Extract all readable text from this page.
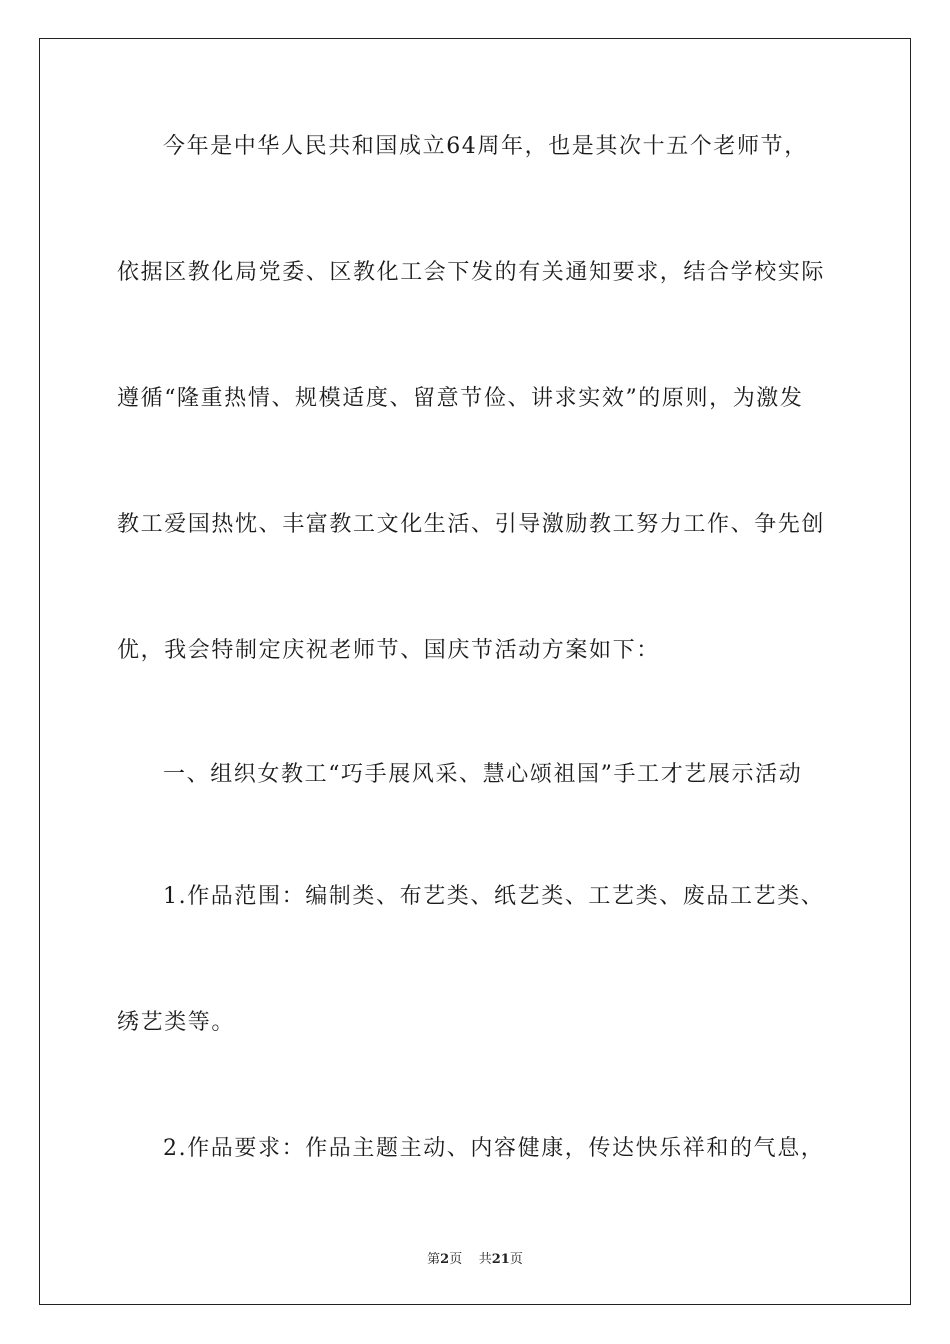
今年是中华人民共和国成立64周年，也是其次十五个老师节，
依据区教化局党委、区教化工会下发的有关通知要求，结合学校实际
遵循“隆重热情、规模适度、留意节俭、讲求实效”的原则，为激发
教工爱国热忱、丰富教工文化生活、引导激励教工努力工作、争先创
优，我会特制定庆祝老师节、国庆节活动方案如下：
一、组织女教工“巧手展风采、慧心颂祖国”手工才艺展示活动
1.作品范围：编制类、布艺类、纸艺类、工艺类、废品工艺类、
绣艺类等。
2.作品要求：作品主题主动、内容健康，传达快乐祥和的气息，
第2页 共21页
